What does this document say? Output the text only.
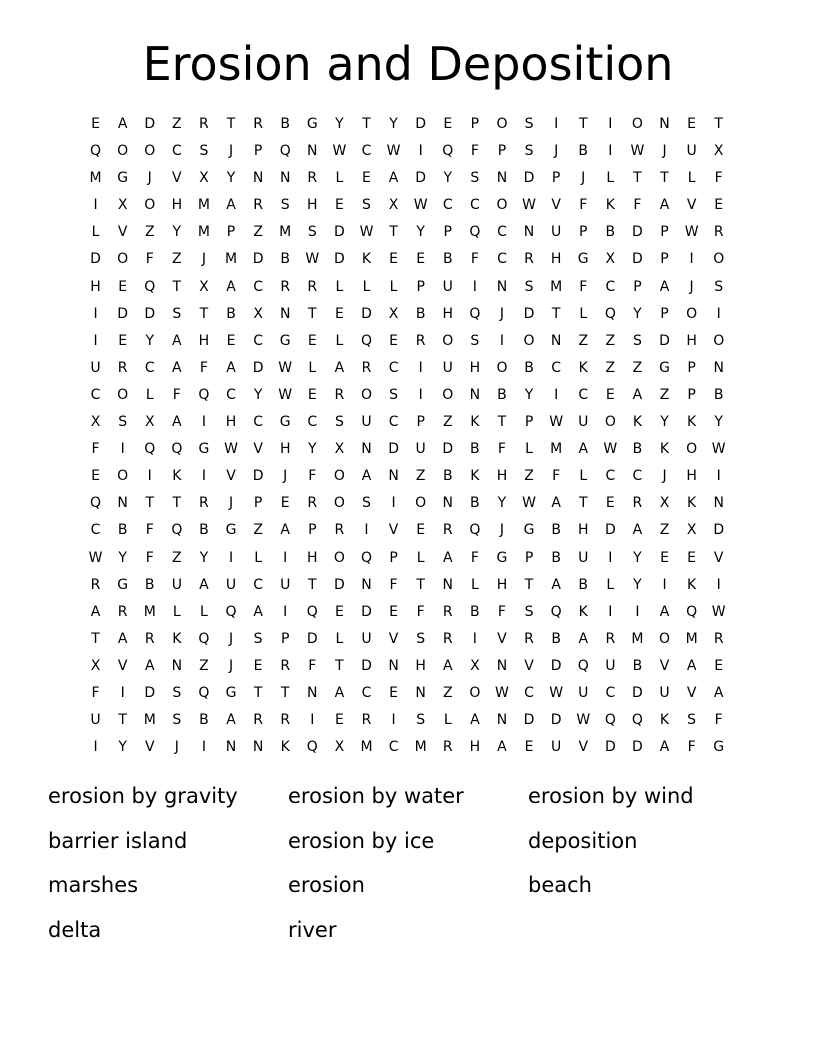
Erosion and Deposition
E	A	D	Z	R	T	R	B	G	Y	T	Y	D	E	P	O	S	I	T	I	O	N	E	T
Q	O	O	C	S	J	P	Q	N	W	C	W	I	Q	F	P	S	J	B	I	W	J	U	X
M	G	J	V	X	Y	N	N	R	L	E	A	D	Y	S	N	D	P	J	L	T	T	L	F
I	X	O	H	M	A	R	S	H	E	S	X	W	C	C	O	W	V	F	K	F	A	V	E
L	V	Z	Y	M	P	Z	M	S	D	W	T	Y	P	Q	C	N	U	P	B	D	P	W	R
D	O	F	Z	J	M	D	B	W	D	K	E	E	B	F	C	R	H	G	X	D	P	I	O
H	E	Q	T	X	A	C	R	R	L	L	L	P	U	I	N	S	M	F	C	P	A	J	S
I	D	D	S	T	B	X	N	T	E	D	X	B	H	Q	J	D	T	L	Q	Y	P	O	I
I	E	Y	A	H	E	C	G	E	L	Q	E	R	O	S	I	O	N	Z	Z	S	D	H	O
U	R	C	A	F	A	D	W	L	A	R	C	I	U	H	O	B	C	K	Z	Z	G	P	N
C	O	L	F	Q	C	Y	W	E	R	O	S	I	O	N	B	Y	I	C	E	A	Z	P	B
X	S	X	A	I	H	C	G	C	S	U	C	P	Z	K	T	P	W	U	O	K	Y	K	Y
F	I	Q	Q	G	W	V	H	Y	X	N	D	U	D	B	F	L	M	A	W	B	K	O	W
E	O	I	K	I	V	D	J	F	O	A	N	Z	B	K	H	Z	F	L	C	C	J	H	I
Q	N	T	T	R	J	P	E	R	O	S	I	O	N	B	Y	W	A	T	E	R	X	K	N
C	B	F	Q	B	G	Z	A	P	R	I	V	E	R	Q	J	G	B	H	D	A	Z	X	D
W	Y	F	Z	Y	I	L	I	H	O	Q	P	L	A	F	G	P	B	U	I	Y	E	E	V
R	G	B	U	A	U	C	U	T	D	N	F	T	N	L	H	T	A	B	L	Y	I	K	I
A	R	M	L	L	Q	A	I	Q	E	D	E	F	R	B	F	S	Q	K	I	I	A	Q	W
T	A	R	K	Q	J	S	P	D	L	U	V	S	R	I	V	R	B	A	R	M	O	M	R
X	V	A	N	Z	J	E	R	F	T	D	N	H	A	X	N	V	D	Q	U	B	V	A	E
F	I	D	S	Q	G	T	T	N	A	C	E	N	Z	O	W	C	W	U	C	D	U	V	A
U	T	M	S	B	A	R	R	I	E	R	I	S	L	A	N	D	D	W	Q	Q	K	S	F
I	Y	V	J	I	N	N	K	Q	X	M	C	M	R	H	A	E	U	V	D	D	A	F	G
erosion by gravity	erosion by water	erosion by wind
barrier island	erosion by ice	deposition
marshes	erosion	beach
delta	river
